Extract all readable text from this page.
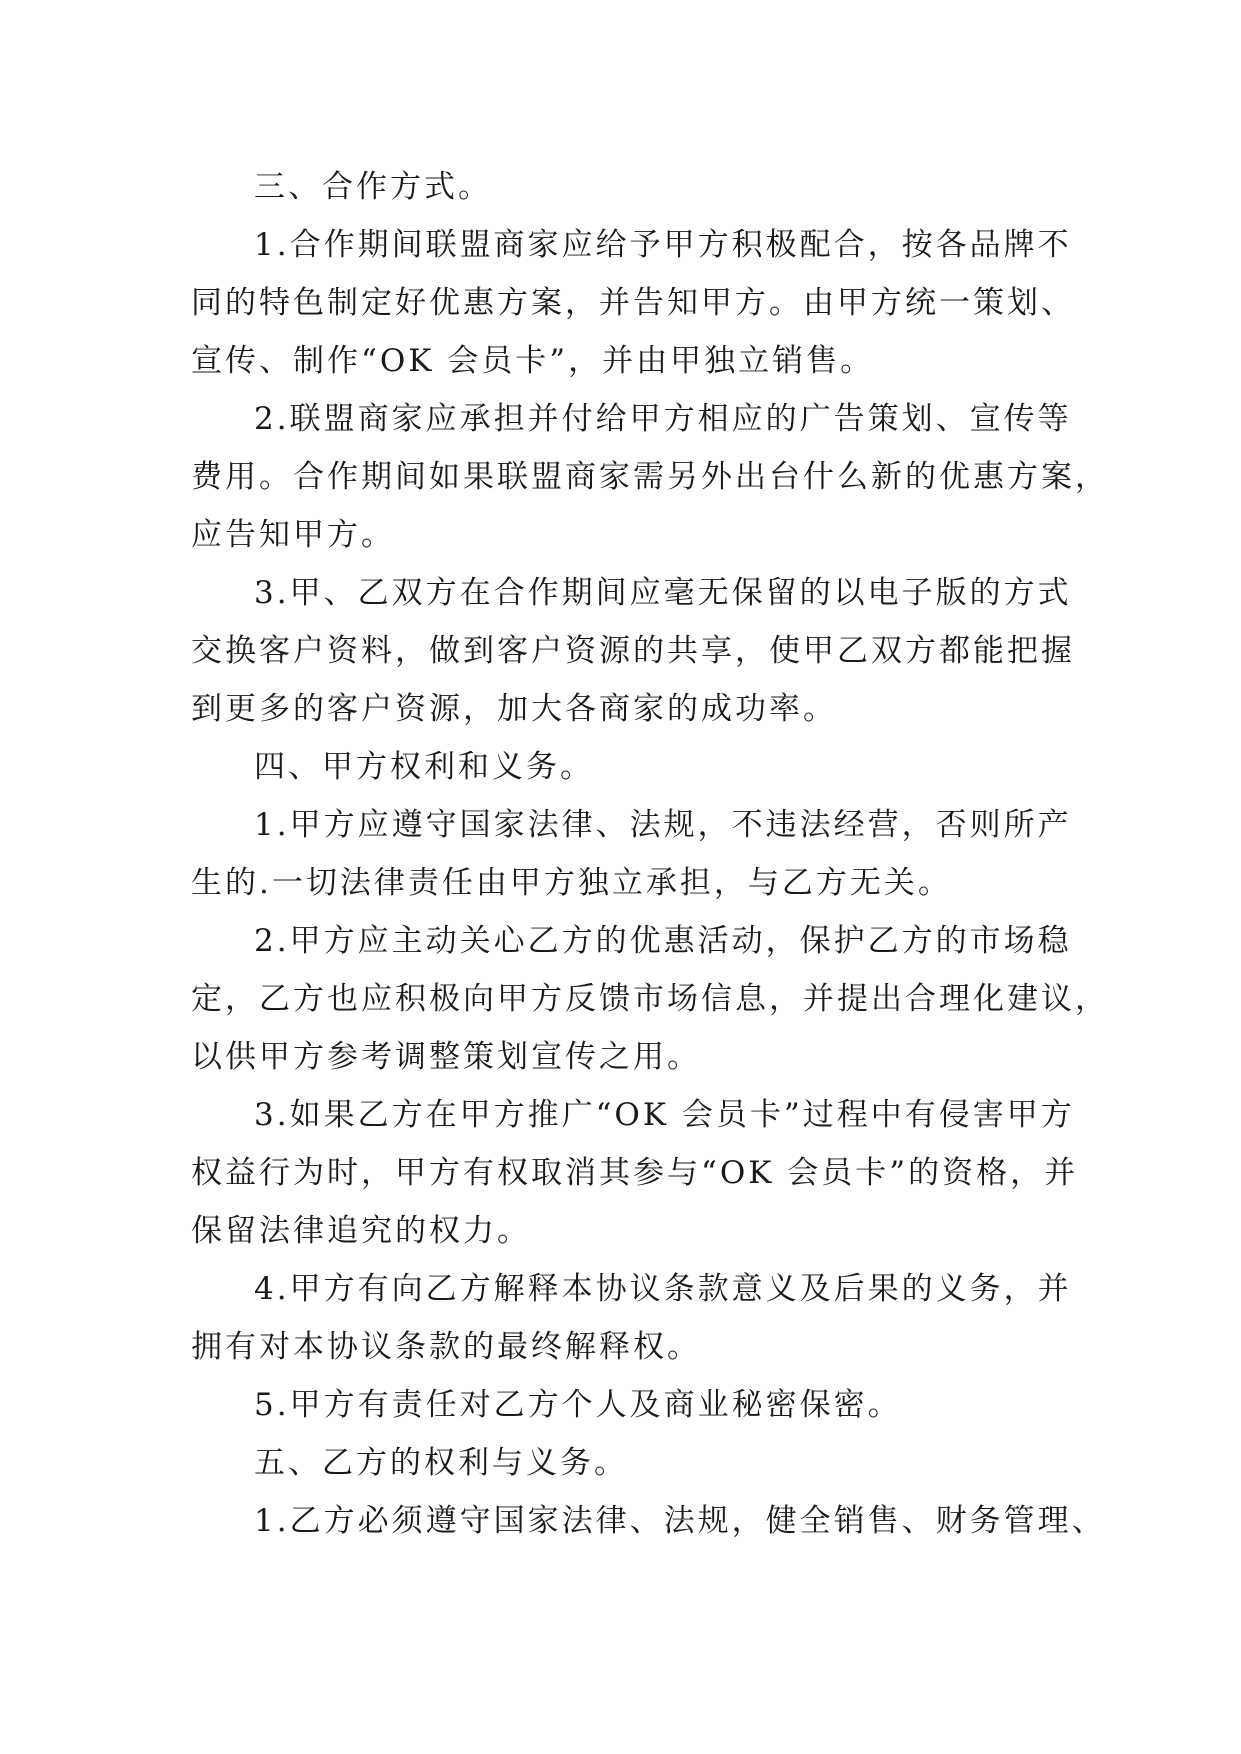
三、合作方式。
1.合作期间联盟商家应给予甲方积极配合，按各品牌不
同的特色制定好优惠方案，并告知甲方。由甲方统一策划、
宣传、制作“OK 会员卡”，并由甲独立销售。
2.联盟商家应承担并付给甲方相应的广告策划、宣传等
费用。合作期间如果联盟商家需另外出台什么新的优惠方案，
应告知甲方。
3.甲、乙双方在合作期间应毫无保留的以电子版的方式
交换客户资料，做到客户资源的共享，使甲乙双方都能把握
到更多的客户资源，加大各商家的成功率。
四、甲方权利和义务。
1.甲方应遵守国家法律、法规，不违法经营，否则所产
生的.一切法律责任由甲方独立承担，与乙方无关。
2.甲方应主动关心乙方的优惠活动，保护乙方的市场稳
定，乙方也应积极向甲方反馈市场信息，并提出合理化建议，
以供甲方参考调整策划宣传之用。
3.如果乙方在甲方推广“OK 会员卡”过程中有侵害甲方
权益行为时，甲方有权取消其参与“OK 会员卡”的资格，并
保留法律追究的权力。
4.甲方有向乙方解释本协议条款意义及后果的义务，并
拥有对本协议条款的最终解释权。
5.甲方有责任对乙方个人及商业秘密保密。
五、乙方的权利与义务。
1.乙方必须遵守国家法律、法规，健全销售、财务管理、
